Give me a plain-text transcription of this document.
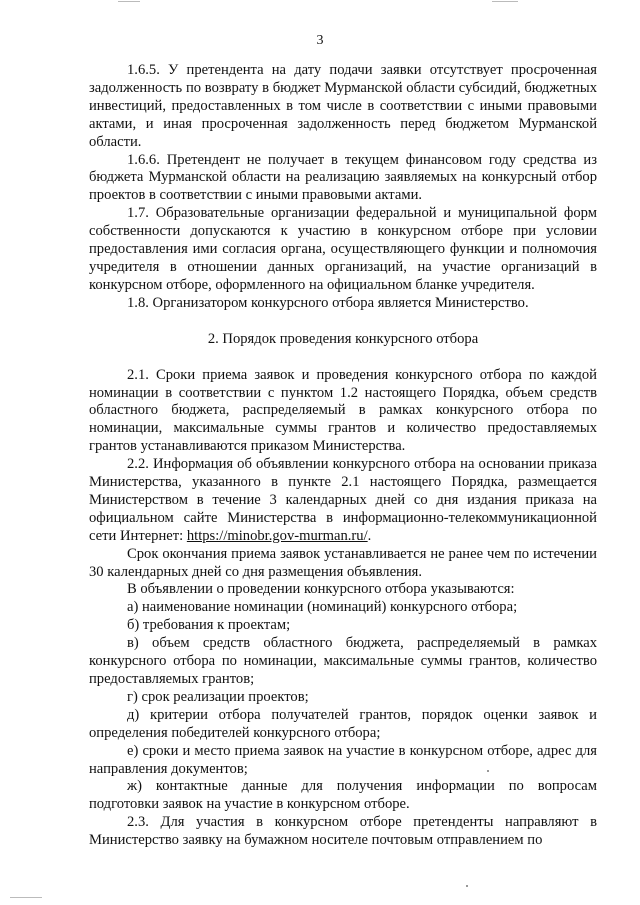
3

1.6.5. У претендента на дату подачи заявки отсутствует просроченная задолженность по возврату в бюджет Мурманской области субсидий, бюджетных инвестиций, предоставленных в том числе в соответствии с иными правовыми актами, и иная просроченная задолженность перед бюджетом Мурманской области.

1.6.6. Претендент не получает в текущем финансовом году средства из бюджета Мурманской области на реализацию заявляемых на конкурсный отбор проектов в соответствии с иными правовыми актами.

1.7. Образовательные организации федеральной и муниципальной форм собственности допускаются к участию в конкурсном отборе при условии предоставления ими согласия органа, осуществляющего функции и полномочия учредителя в отношении данных организаций, на участие организаций в конкурсном отборе, оформленного на официальном бланке учредителя.

1.8. Организатором конкурсного отбора является Министерство.

2. Порядок проведения конкурсного отбора

2.1. Сроки приема заявок и проведения конкурсного отбора по каждой номинации в соответствии с пунктом 1.2 настоящего Порядка, объем средств областного бюджета, распределяемый в рамках конкурсного отбора по номинации, максимальные суммы грантов и количество предоставляемых грантов устанавливаются приказом Министерства.

2.2. Информация об объявлении конкурсного отбора на основании приказа Министерства, указанного в пункте 2.1 настоящего Порядка, размещается Министерством в течение 3 календарных дней со дня издания приказа на официальном сайте Министерства в информационно-телекоммуникационной сети Интернет: https://minobr.gov-murman.ru/.

Срок окончания приема заявок устанавливается не ранее чем по истечении 30 календарных дней со дня размещения объявления.

В объявлении о проведении конкурсного отбора указываются:

а) наименование номинации (номинаций) конкурсного отбора;

б) требования к проектам;

в) объем средств областного бюджета, распределяемый в рамках конкурсного отбора по номинации, максимальные суммы грантов, количество предоставляемых грантов;

г) срок реализации проектов;

д) критерии отбора получателей грантов, порядок оценки заявок и определения победителей конкурсного отбора;

е) сроки и место приема заявок на участие в конкурсном отборе, адрес для направления документов;

ж) контактные данные для получения информации по вопросам подготовки заявок на участие в конкурсном отборе.

2.3. Для участия в конкурсном отборе претенденты направляют в Министерство заявку на бумажном носителе почтовым отправлением по
